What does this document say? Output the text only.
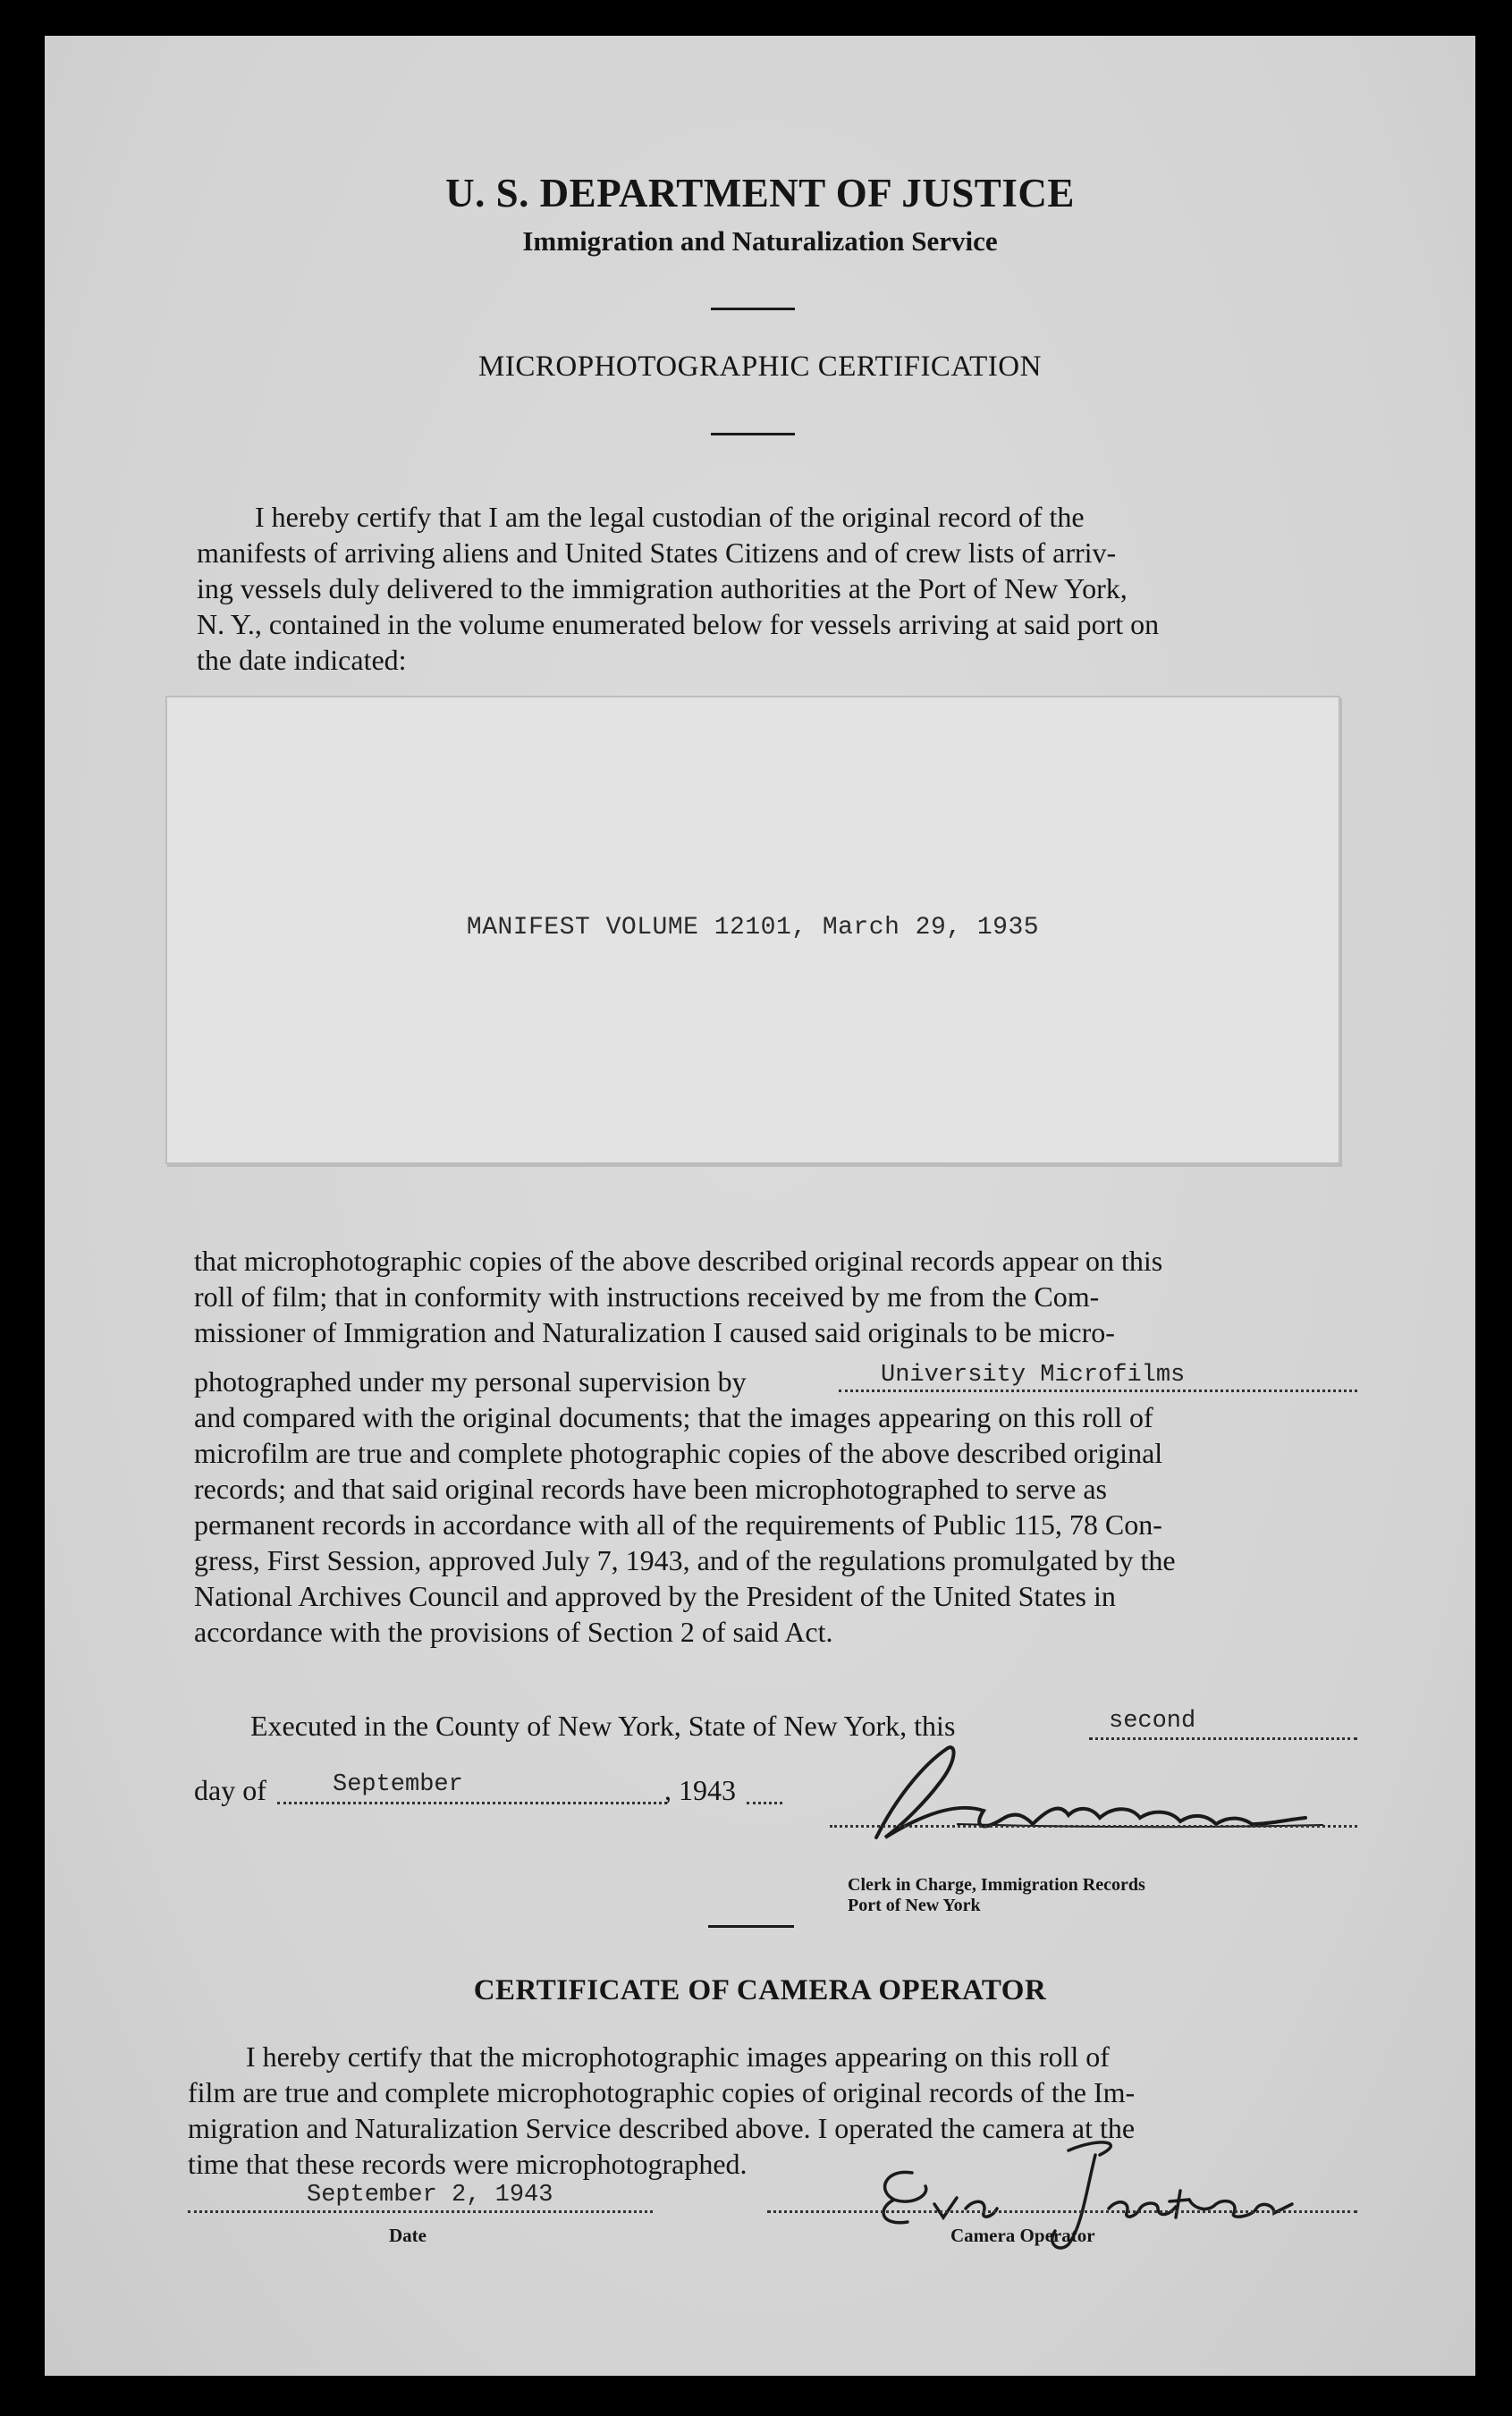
U. S. DEPARTMENT OF JUSTICE
Immigration and Naturalization Service
MICROPHOTOGRAPHIC CERTIFICATION
I hereby certify that I am the legal custodian of the original record of the
manifests of arriving aliens and United States Citizens and of crew lists of arriv-
ing vessels duly delivered to the immigration authorities at the Port of New York,
N. Y., contained in the volume enumerated below for vessels arriving at said port on
the date indicated:
MANIFEST VOLUME 12101, March 29, 1935
that microphotographic copies of the above described original records appear on this
roll of film; that in conformity with instructions received by me from the Com-
missioner of Immigration and Naturalization I caused said originals to be micro-
photographed under my personal supervision by	University Microfilms
and compared with the original documents; that the images appearing on this roll of
microfilm are true and complete photographic copies of the above described original
records; and that said original records have been microphotographed to serve as
permanent records in accordance with all of the requirements of Public 115, 78 Con-
gress, First Session, approved July 7, 1943, and of the regulations promulgated by the
National Archives Council and approved by the President of the United States in
accordance with the provisions of Section 2 of said Act.
Executed in the County of New York, State of New York, this	second
day of	September	, 1943
Clerk in Charge, Immigration Records
Port of New York
CERTIFICATE OF CAMERA OPERATOR
I hereby certify that the microphotographic images appearing on this roll of
film are true and complete microphotographic copies of original records of the Im-
migration and Naturalization Service described above. I operated the camera at the
time that these records were microphotographed.
September 2, 1943
Date	Camera Operator
